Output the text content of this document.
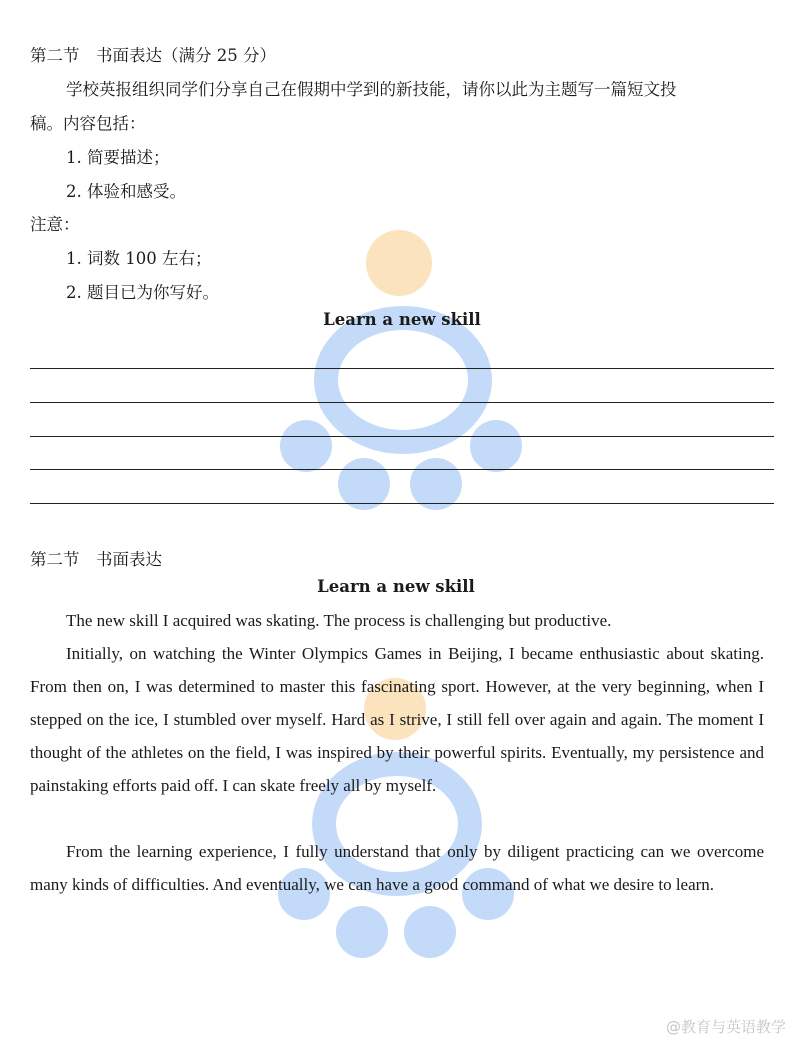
第二节　书面表达（满分 25 分）
学校英报组织同学们分享自己在假期中学到的新技能，请你以此为主题写一篇短文投
稿。内容包括：
1. 简要描述；
2. 体验和感受。
注意：
1. 词数 100 左右；
2. 题目已为你写好。
Learn a new skill
第二节　书面表达
Learn a new skill

The new skill I acquired was skating. The process is challenging but productive.

Initially, on watching the Winter Olympics Games in Beijing, I became enthusiastic about skating. From then on, I was determined to master this fascinating sport. However, at the very beginning, when I stepped on the ice, I stumbled over myself. Hard as I strive, I still fell over again and again. The moment I thought of the athletes on the field, I was inspired by their powerful spirits. Eventually, my persistence and painstaking efforts paid off. I can skate freely all by myself.

From the learning experience, I fully understand that only by diligent practicing can we overcome many kinds of difficulties. And eventually, we can have a good command of what we desire to learn.

@教育与英语教学
